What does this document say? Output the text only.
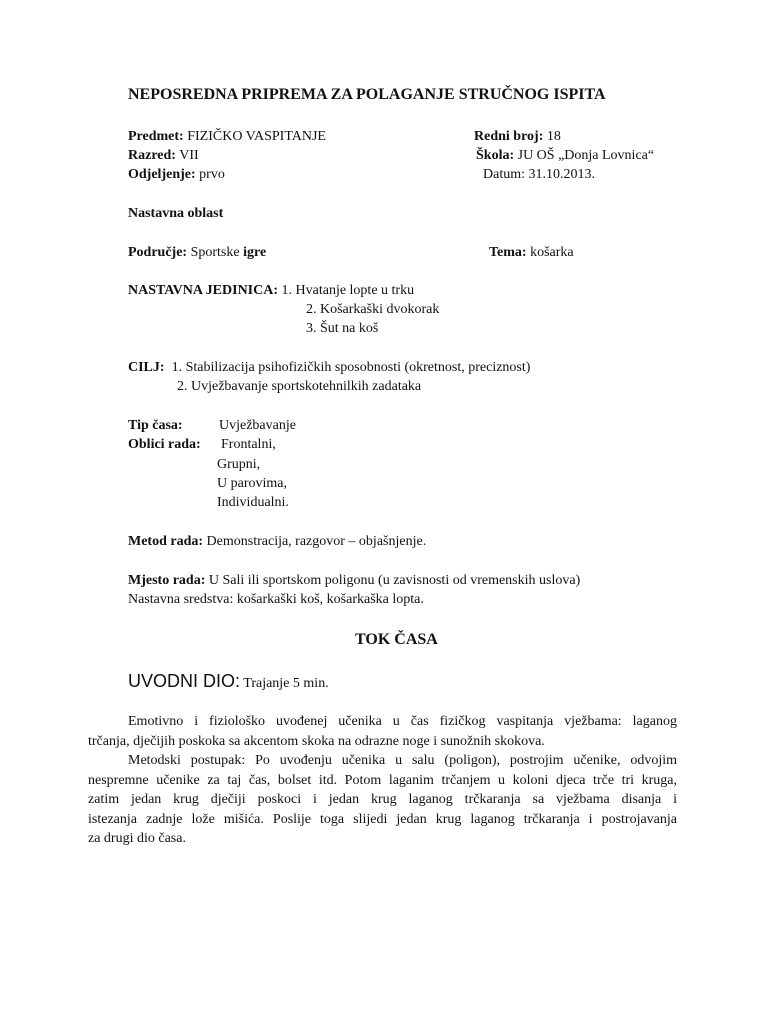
NEPOSREDNA PRIPREMA ZA POLAGANJE STRUČNOG ISPITA
Predmet: FIZIČKO VASPITANJE
Razred: VII
Odjeljenje: prvo
Redni broj: 18
Škola: JU OŠ „Donja Lovnica“
Datum: 31.10.2013.
Nastavna oblast
Područje: Sportske igre	Tema: košarka
NASTAVNA JEDINICA: 1. Hvatanje lopte u trku
2. Košarkaški dvokorak
3. Šut na koš
CILJ: 1. Stabilizacija psihofizičkih sposobnosti (okretnost, preciznost)
2. Uvježbavanje sportskotehnilkih zadataka
Tip časa:	Uvježbavanje
Oblici rada: Frontalni,
Grupni,
U parovima,
Individualni.
Metod rada: Demonstracija, razgovor – objašnjenje.
Mjesto rada: U Sali ili sportskom poligonu (u zavisnosti od vremenskih uslova)
Nastavna sredstva: košarkaški koš, košarkaška lopta.
TOK ČASA
UVODNI DIO: Trajanje 5 min.
Emotivno i fiziološko uvođenej učenika u čas fizičkog vaspitanja vježbama: laganog
trčanja, dječijih poskoka sa akcentom skoka na odrazne noge i sunožnih skokova.
Metodski postupak: Po uvođenju učenika u salu (poligon), postrojim učenike, odvojim
nespremne učenike za taj čas, bolset itd. Potom laganim trčanjem u koloni djeca trče tri kruga,
zatim jedan krug dječiji poskoci i jedan krug laganog trčkaranja sa vježbama disanja i
istezanja zadnje lože mišića. Poslije toga slijedi jedan krug laganog trčkaranja i postrojavanja
za drugi dio časa.
